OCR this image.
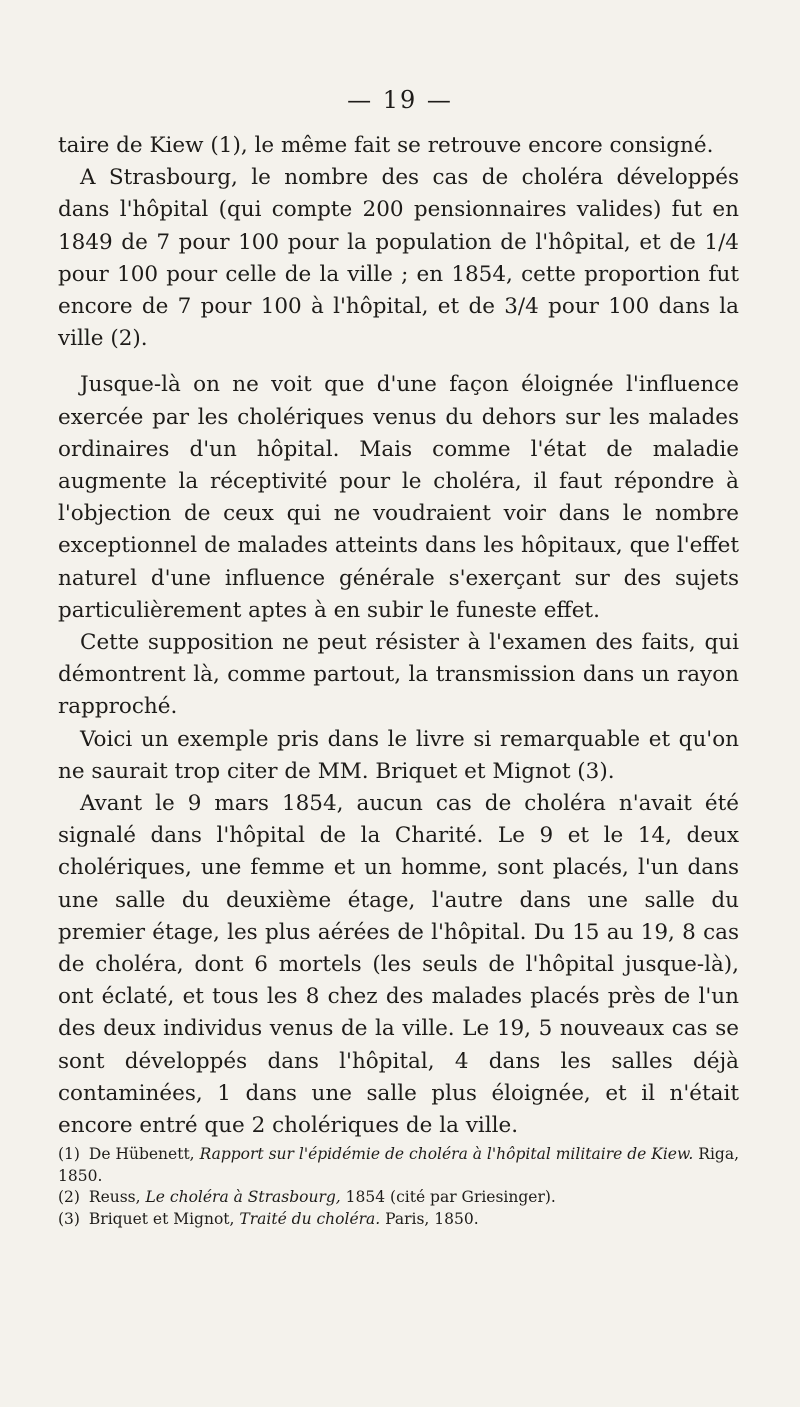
— 19 —

taire de Kiew (1), le même fait se retrouve encore consigné.

A Strasbourg, le nombre des cas de choléra développés dans l'hôpital (qui compte 200 pensionnaires valides) fut en 1849 de 7 pour 100 pour la population de l'hôpital, et de 1/4 pour 100 pour celle de la ville ; en 1854, cette proportion fut encore de 7 pour 100 à l'hôpital, et de 3/4 pour 100 dans la ville (2).

Jusque-là on ne voit que d'une façon éloignée l'influence exercée par les cholériques venus du dehors sur les malades ordinaires d'un hôpital. Mais comme l'état de maladie augmente la réceptivité pour le choléra, il faut répondre à l'objection de ceux qui ne voudraient voir dans le nombre exceptionnel de malades atteints dans les hôpitaux, que l'effet naturel d'une influence générale s'exerçant sur des sujets particulièrement aptes à en subir le funeste effet.

Cette supposition ne peut résister à l'examen des faits, qui démontrent là, comme partout, la transmission dans un rayon rapproché.

Voici un exemple pris dans le livre si remarquable et qu'on ne saurait trop citer de MM. Briquet et Mignot (3).

Avant le 9 mars 1854, aucun cas de choléra n'avait été signalé dans l'hôpital de la Charité. Le 9 et le 14, deux cholériques, une femme et un homme, sont placés, l'un dans une salle du deuxième étage, l'autre dans une salle du premier étage, les plus aérées de l'hôpital. Du 15 au 19, 8 cas de choléra, dont 6 mortels (les seuls de l'hôpital jusque-là), ont éclaté, et tous les 8 chez des malades placés près de l'un des deux individus venus de la ville. Le 19, 5 nouveaux cas se sont développés dans l'hôpital, 4 dans les salles déjà contaminées, 1 dans une salle plus éloignée, et il n'était encore entré que 2 cholériques de la ville.

(1) De Hübenett, Rapport sur l'épidémie de choléra à l'hôpital militaire de Kiew. Riga, 1850.

(2) Reuss, Le choléra à Strasbourg, 1854 (cité par Griesinger).

(3) Briquet et Mignot, Traité du choléra. Paris, 1850.
